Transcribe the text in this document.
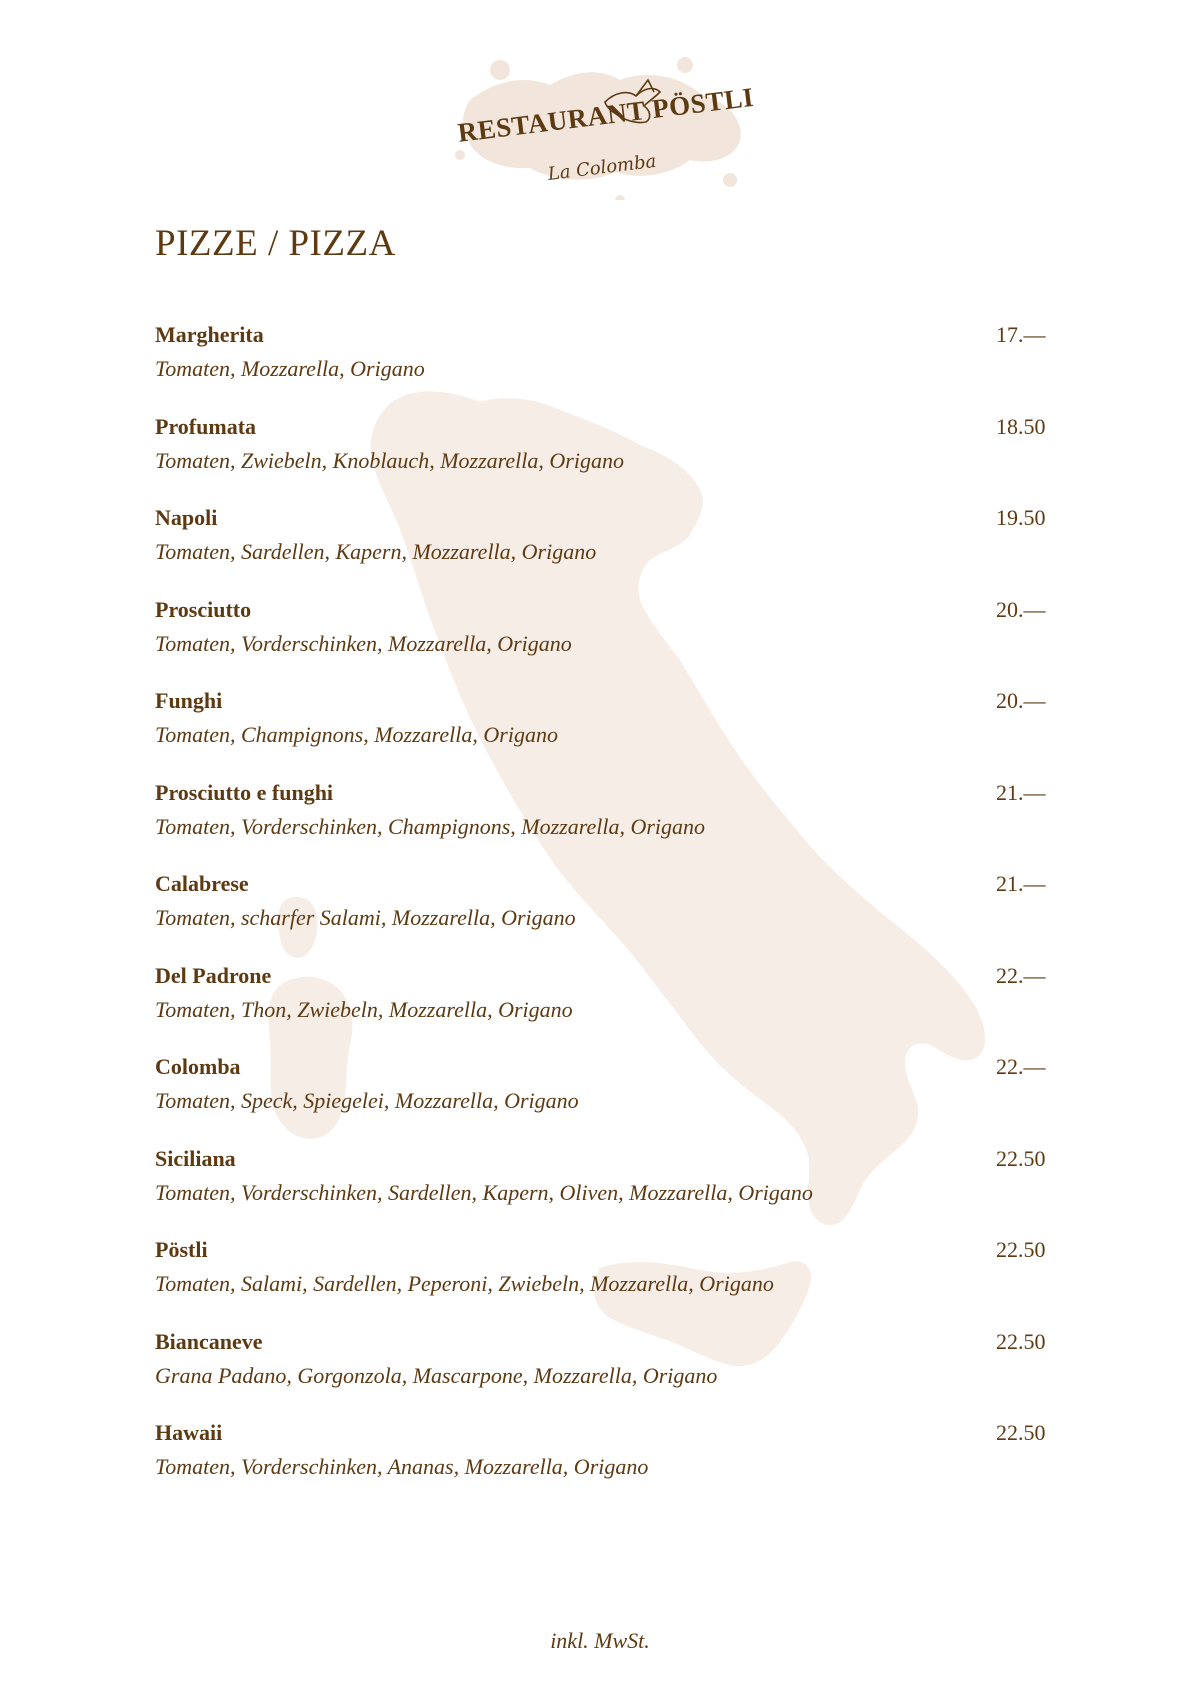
RESTAURANT PÖSTLI
La Colomba
PIZZE / PIZZA
Margherita	17.—
Tomaten, Mozzarella, Origano
Profumata	18.50
Tomaten, Zwiebeln, Knoblauch, Mozzarella, Origano
Napoli	19.50
Tomaten, Sardellen, Kapern, Mozzarella, Origano
Prosciutto	20.—
Tomaten, Vorderschinken, Mozzarella, Origano
Funghi	20.—
Tomaten, Champignons, Mozzarella, Origano
Prosciutto e funghi	21.—
Tomaten, Vorderschinken, Champignons, Mozzarella, Origano
Calabrese	21.—
Tomaten, scharfer Salami, Mozzarella, Origano
Del Padrone	22.—
Tomaten, Thon, Zwiebeln, Mozzarella, Origano
Colomba	22.—
Tomaten, Speck, Spiegelei, Mozzarella, Origano
Siciliana	22.50
Tomaten, Vorderschinken, Sardellen, Kapern, Oliven, Mozzarella, Origano
Pöstli	22.50
Tomaten, Salami, Sardellen, Peperoni, Zwiebeln, Mozzarella, Origano
Biancaneve	22.50
Grana Padano, Gorgonzola, Mascarpone, Mozzarella, Origano
Hawaii	22.50
Tomaten, Vorderschinken, Ananas, Mozzarella, Origano
inkl. MwSt.
